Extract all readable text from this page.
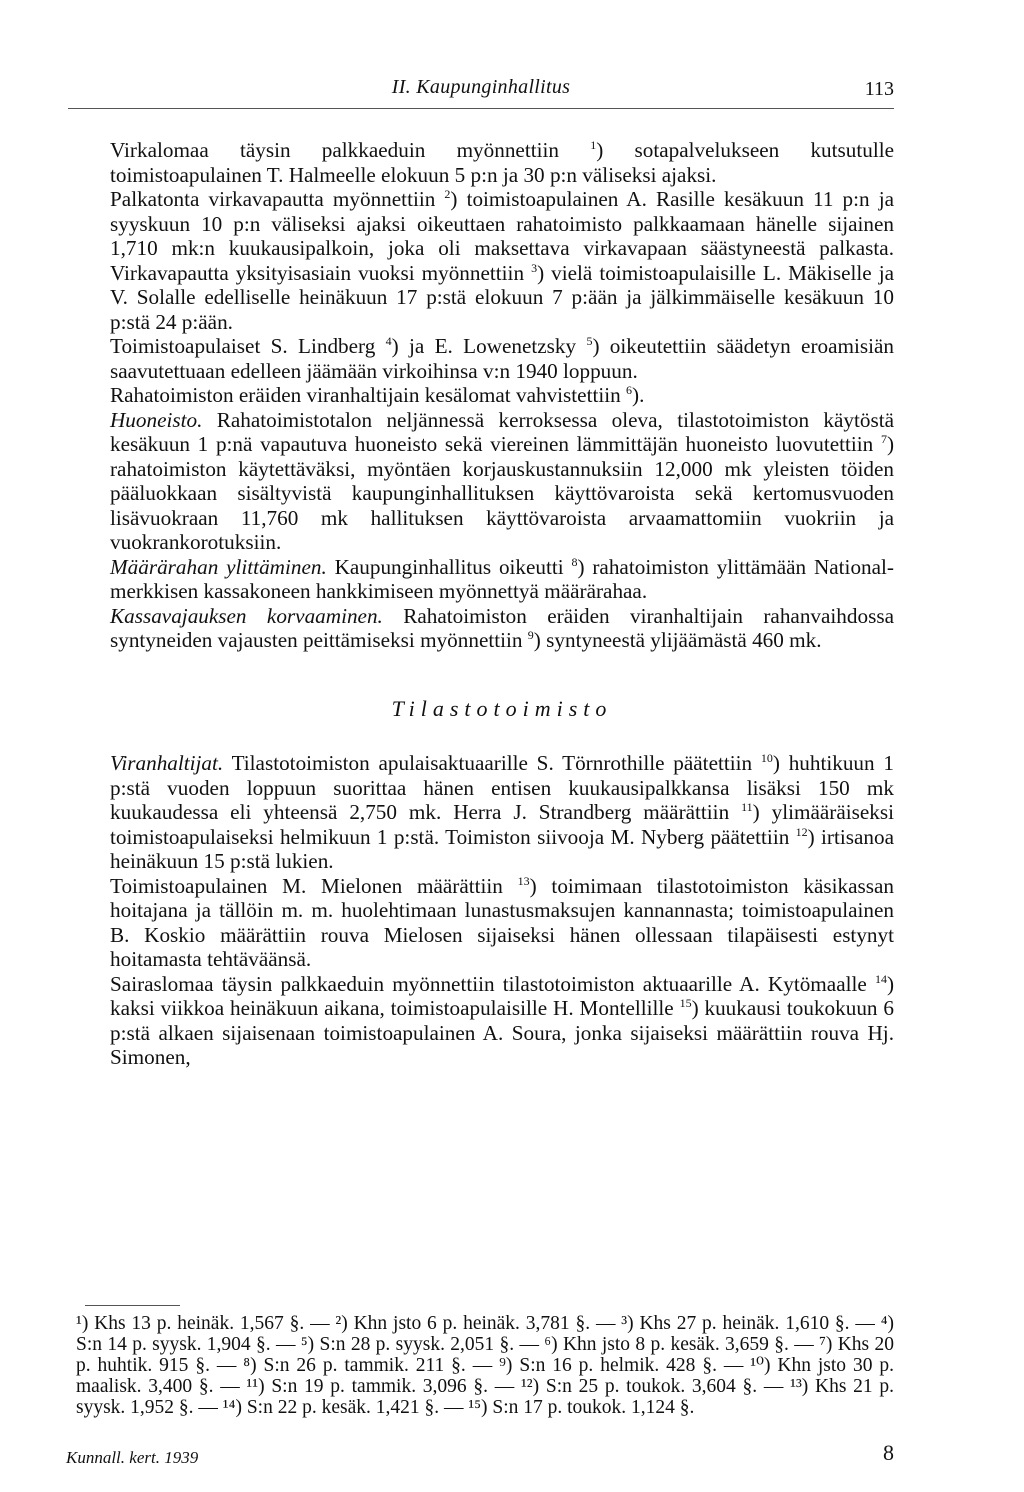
II. Kaupunginhallitus	113

Virkalomaa täysin palkkaeduin myönnettiin $^1$) sotapalvelukseen kutsutulle toimistoapulainen T. Halmeelle elokuun 5 p:n ja 30 p:n väliseksi ajaksi.

Palkatonta virkavapautta myönnettiin $^2$) toimistoapulainen A. Rasille kesäkuun 11 p:n ja syyskuun 10 p:n väliseksi ajaksi oikeuttaen rahatoimisto palkkaamaan hänelle sijainen 1,710 mk:n kuukausipalkoin, joka oli maksettava virkavapaan säästyneestä palkasta. Virkavapautta yksityisasiain vuoksi myönnettiin $^3$) vielä toimistoapulaisille L. Mäkiselle ja V. Solalle edelliselle heinäkuun 17 p:stä elokuun 7 p:ään ja jälkimmäiselle kesäkuun 10 p:stä 24 p:ään.

Toimistoapulaiset S. Lindberg $^4$) ja E. Lowenetzsky $^5$) oikeutettiin säädetyn eroamisiän saavutettuaan edelleen jäämään virkoihinsa v:n 1940 loppuun.

Rahatoimiston eräiden viranhaltijain kesälomat vahvistettiin $^6$).

Huoneisto. Rahatoimistotalon neljännessä kerroksessa oleva, tilastotoimiston käytöstä kesäkuun 1 p:nä vapautuva huoneisto sekä viereinen lämmittäjän huoneisto luovutettiin $^7$) rahatoimiston käytettäväksi, myöntäen korjauskustannuksiin 12,000 mk yleisten töiden pääluokkaan sisältyvistä kaupunginhallituksen käyttövaroista sekä kertomusvuoden lisävuokraan 11,760 mk hallituksen käyttövaroista arvaamattomiin vuokriin ja vuokrankorotuksiin.

Määrärahan ylittäminen. Kaupunginhallitus oikeutti $^8$) rahatoimiston ylittämään National-merkkisen kassakoneen hankkimiseen myönnettyä määrärahaa.

Kassavajauksen korvaaminen. Rahatoimiston eräiden viranhaltijain rahanvaihdossa syntyneiden vajausten peittämiseksi myönnettiin $^9$) syntyneestä ylijäämästä 460 mk.

Tilastotoimisto

Viranhaltijat. Tilastotoimiston apulaisaktuaarille S. Törnrothille päätettiin $^{10}$) huhtikuun 1 p:stä vuoden loppuun suorittaa hänen entisen kuukausipalkkansa lisäksi 150 mk kuukaudessa eli yhteensä 2,750 mk. Herra J. Strandberg määrättiin $^{11}$) ylimääräiseksi toimistoapulaiseksi helmikuun 1 p:stä. Toimiston siivooja M. Nyberg päätettiin $^{12}$) irtisanoa heinäkuun 15 p:stä lukien.

Toimistoapulainen M. Mielonen määrättiin $^{13}$) toimimaan tilastotoimiston käsikassan hoitajana ja tällöin m. m. huolehtimaan lunastusmaksujen kannannasta; toimistoapulainen B. Koskio määrättiin rouva Mielosen sijaiseksi hänen ollessaan tilapäisesti estynyt hoitamasta tehtäväänsä.

Sairaslomaa täysin palkkaeduin myönnettiin tilastotoimiston aktuaarille A. Kytömaalle $^{14}$) kaksi viikkoa heinäkuun aikana, toimistoapulaisille H. Montellille $^{15}$) kuukausi toukokuun 6 p:stä alkaen sijaisenaan toimistoapulainen A. Soura, jonka sijaiseksi määrättiin rouva Hj. Simonen,

¹) Khs 13 p. heinäk. 1,567 §. — ²) Khn jsto 6 p. heinäk. 3,781 §. — ³) Khs 27 p. heinäk. 1,610 §. — ⁴) S:n 14 p. syysk. 1,904 §. — ⁵) S:n 28 p. syysk. 2,051 §. — ⁶) Khn jsto 8 p. kesäk. 3,659 §. — ⁷) Khs 20 p. huhtik. 915 §. — ⁸) S:n 26 p. tammik. 211 §. — ⁹) S:n 16 p. helmik. 428 §. — ¹⁰) Khn jsto 30 p. maalisk. 3,400 §. — ¹¹) S:n 19 p. tammik. 3,096 §. — ¹²) S:n 25 p. toukok. 3,604 §. — ¹³) Khs 21 p. syysk. 1,952 §. — ¹⁴) S:n 22 p. kesäk. 1,421 §. — ¹⁵) S:n 17 p. toukok. 1,124 §.

Kunnall. kert. 1939	8
